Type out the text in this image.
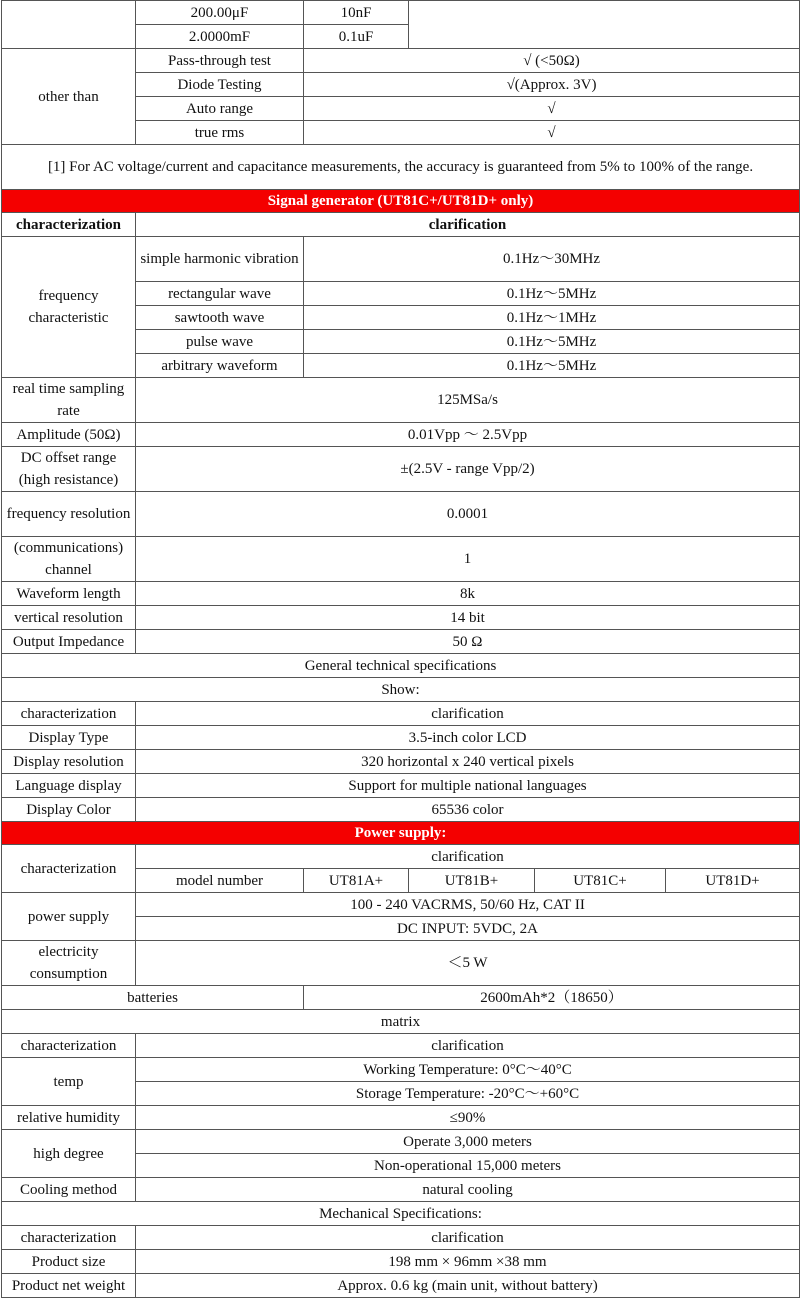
	200.00μF	10nF			
	2.0000mF	0.1uF			
other than	Pass-through test	√ (<50Ω)			
	Diode Testing	√(Approx. 3V)			
	Auto range	√			
	true rms	√			
[1] For AC voltage/current and capacitance measurements, the accuracy is guaranteed from 5% to 100% of the range.					
Signal generator (UT81C+/UT81D+ only)					
characterization	clarification				
frequency characteristic	simple harmonic vibration	0.1Hz～30MHz			
	rectangular wave	0.1Hz～5MHz			
	sawtooth wave	0.1Hz～1MHz			
	pulse wave	0.1Hz～5MHz			
	arbitrary waveform	0.1Hz～5MHz			
real time sampling rate	125MSa/s				
Amplitude (50Ω)	0.01Vpp ～ 2.5Vpp				
DC offset range (high resistance)	±(2.5V - range Vpp/2)				
frequency resolution	0.0001				
(communications) channel	1				
Waveform length	8k				
vertical resolution	14 bit				
Output Impedance	50 Ω				
General technical specifications					
Show:					
characterization	clarification				
Display Type	3.5-inch color LCD				
Display resolution	320 horizontal x 240 vertical pixels				
Language display	Support for multiple national languages				
Display Color	65536 color				
Power supply:					
characterization	clarification				
	model number	UT81A+	UT81B+	UT81C+	UT81D+
power supply	100 - 240 VACRMS, 50/60 Hz, CAT II				
	DC INPUT: 5VDC, 2A				
electricity consumption	＜5 W				
batteries		2600mAh*2（18650）			
matrix					
characterization	clarification				
temp	Working Temperature: 0°C～40°C				
	Storage Temperature: -20°C～+60°C				
relative humidity	≤90%				
high degree	Operate 3,000 meters				
	Non-operational 15,000 meters				
Cooling method	natural cooling				
Mechanical Specifications:					
characterization	clarification				
Product size	198 mm × 96mm ×38 mm				
Product net weight	Approx. 0.6 kg (main unit, without battery)				
